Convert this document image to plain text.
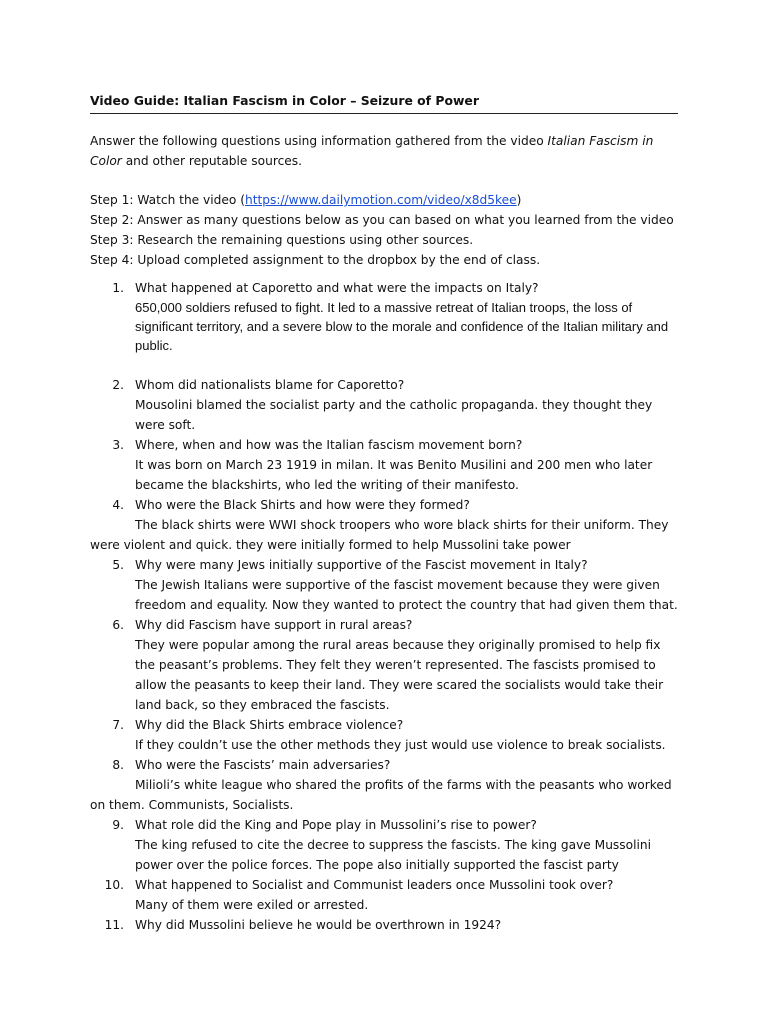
Video Guide: Italian Fascism in Color – Seizure of Power

Answer the following questions using information gathered from the video Italian Fascism in Color and other reputable sources.

Step 1: Watch the video (https://www.dailymotion.com/video/x8d5kee)
Step 2: Answer as many questions below as you can based on what you learned from the video
Step 3: Research the remaining questions using other sources.
Step 4: Upload completed assignment to the dropbox by the end of class.
1. What happened at Caporetto and what were the impacts on Italy?
650,000 soldiers refused to fight. It led to a massive retreat of Italian troops, the loss of significant territory, and a severe blow to the morale and confidence of the Italian military and public.
2. Whom did nationalists blame for Caporetto?
Mousolini blamed the socialist party and the catholic propaganda. they thought they were soft.
3. Where, when and how was the Italian fascism movement born?
It was born on March 23 1919 in milan. It was Benito Musilini and 200 men who later became the blackshirts, who led the writing of their manifesto.
4. Who were the Black Shirts and how were they formed?
The black shirts were WWI shock troopers who wore black shirts for their uniform. They were violent and quick. they were initially formed to help Mussolini take power
5. Why were many Jews initially supportive of the Fascist movement in Italy?
The Jewish Italians were supportive of the fascist movement because they were given freedom and equality. Now they wanted to protect the country that had given them that.
6. Why did Fascism have support in rural areas?
They were popular among the rural areas because they originally promised to help fix the peasant’s problems. They felt they weren’t represented. The fascists promised to allow the peasants to keep their land. They were scared the socialists would take their land back, so they embraced the fascists.
7. Why did the Black Shirts embrace violence?
If they couldn’t use the other methods they just would use violence to break socialists.
8. Who were the Fascists’ main adversaries?
Milioli’s white league who shared the profits of the farms with the peasants who worked on them. Communists, Socialists.
9. What role did the King and Pope play in Mussolini’s rise to power?
The king refused to cite the decree to suppress the fascists. The king gave Mussolini power over the police forces. The pope also initially supported the fascist party
10. What happened to Socialist and Communist leaders once Mussolini took over?
Many of them were exiled or arrested.
11. Why did Mussolini believe he would be overthrown in 1924?
